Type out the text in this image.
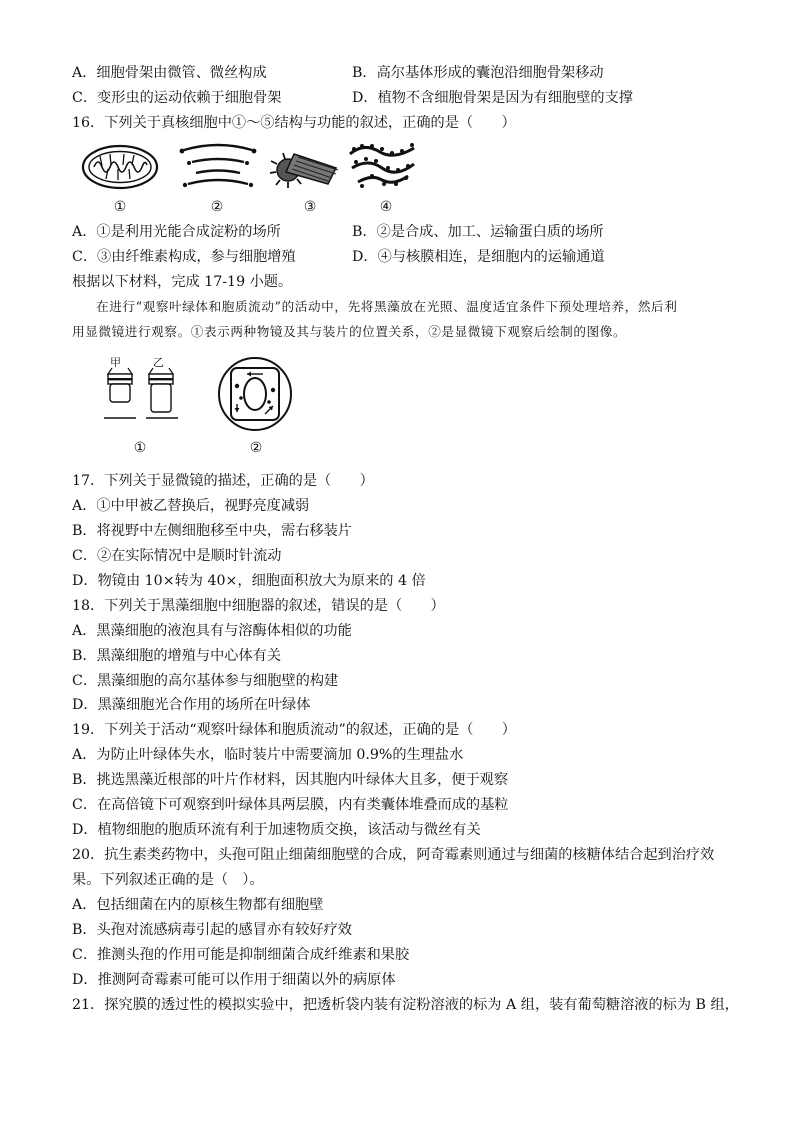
A．细胞骨架由微管、微丝构成	B．高尔基体形成的囊泡沿细胞骨架移动
C．变形虫的运动依赖于细胞骨架	D．植物不含细胞骨架是因为有细胞壁的支撑
16．下列关于真核细胞中①～⑤结构与功能的叙述，正确的是（　　）
①	②	③	④
A．①是利用光能合成淀粉的场所	B．②是合成、加工、运输蛋白质的场所
C．③由纤维素构成，参与细胞增殖	D．④与核膜相连，是细胞内的运输通道
根据以下材料，完成 17-19 小题。
在进行“观察叶绿体和胞质流动”的活动中，先将黑藻放在光照、温度适宜条件下预处理培养，然后利
用显微镜进行观察。①表示两种物镜及其与装片的位置关系，②是显微镜下观察后绘制的图像。
甲	乙
①	②
17．下列关于显微镜的描述，正确的是（　　）
A．①中甲被乙替换后，视野亮度减弱
B．将视野中左侧细胞移至中央，需右移装片
C．②在实际情况中是顺时针流动
D．物镜由 10×转为 40×，细胞面积放大为原来的 4 倍
18．下列关于黑藻细胞中细胞器的叙述，错误的是（　　）
A．黑藻细胞的液泡具有与溶酶体相似的功能
B．黑藻细胞的增殖与中心体有关
C．黑藻细胞的高尔基体参与细胞壁的构建
D．黑藻细胞光合作用的场所在叶绿体
19．下列关于活动“观察叶绿体和胞质流动”的叙述，正确的是（　　）
A．为防止叶绿体失水，临时装片中需要滴加 0.9%的生理盐水
B．挑选黑藻近根部的叶片作材料，因其胞内叶绿体大且多，便于观察
C．在高倍镜下可观察到叶绿体具两层膜，内有类囊体堆叠而成的基粒
D．植物细胞的胞质环流有利于加速物质交换，该活动与微丝有关
20．抗生素类药物中，头孢可阻止细菌细胞壁的合成，阿奇霉素则通过与细菌的核糖体结合起到治疗效
果。下列叙述正确的是（　）。
A．包括细菌在内的原核生物都有细胞壁
B．头孢对流感病毒引起的感冒亦有较好疗效
C．推测头孢的作用可能是抑制细菌合成纤维素和果胶
D．推测阿奇霉素可能可以作用于细菌以外的病原体
21．探究膜的透过性的模拟实验中，把透析袋内装有淀粉溶液的标为 A 组，装有葡萄糖溶液的标为 B 组，
